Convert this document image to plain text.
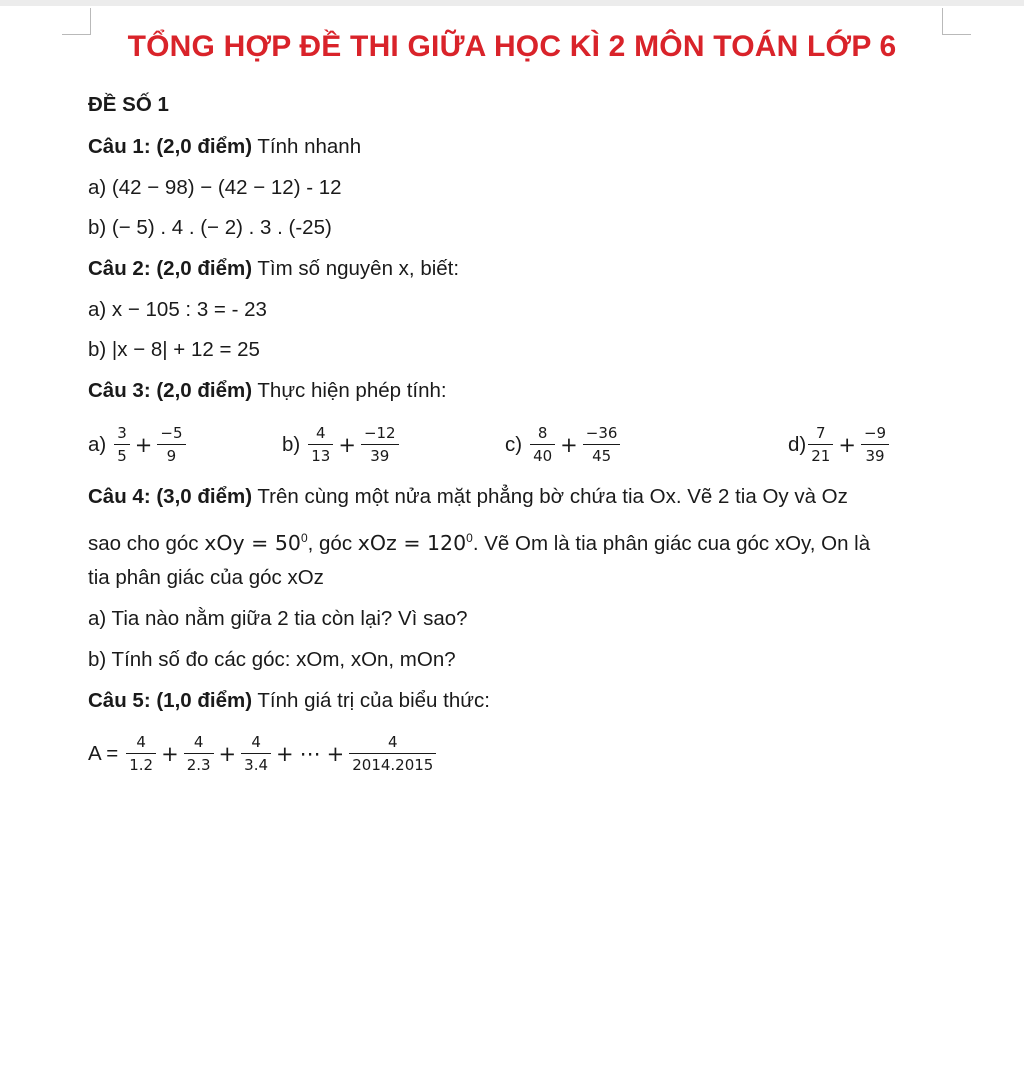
TỔNG HỢP ĐỀ THI GIỮA HỌC KÌ 2 MÔN TOÁN LỚP 6
ĐỀ SỐ 1
Câu 1: (2,0 điểm) Tính nhanh
a) (42 − 98) − (42 − 12) - 12
b) (− 5) . 4 . (− 2) . 3 . (-25)
Câu 2: (2,0 điểm) Tìm số nguyên x, biết:
a) x − 105 : 3 = - 23
b) |x − 8| + 12 = 25
Câu 3: (2,0 điểm) Thực hiện phép tính:
$a) \frac{3}{5} + \frac{-5}{9}$	$b) \frac{4}{13} + \frac{-12}{39}$	$c) \frac{8}{40} + \frac{-36}{45}$	$d) \frac{7}{21} + \frac{-9}{39}$
Câu 4: (3,0 điểm) Trên cùng một nửa mặt phẳng bờ chứa tia Ox. Vẽ 2 tia Oy và Oz
sao cho góc xOy = $50^0$, góc xOz = $120^0$. Vẽ Om là tia phân giác cua góc xOy, On là
tia phân giác của góc xOz
a) Tia nào nằm giữa 2 tia còn lại? Vì sao?
b) Tính số đo các góc: xOm, xOn, mOn?
Câu 5: (1,0 điểm) Tính giá trị của biểu thức:
$A = \frac{4}{1.2} + \frac{4}{2.3} + \frac{4}{3.4}$ + ⋯ + $\frac{4}{2014.2015}$
